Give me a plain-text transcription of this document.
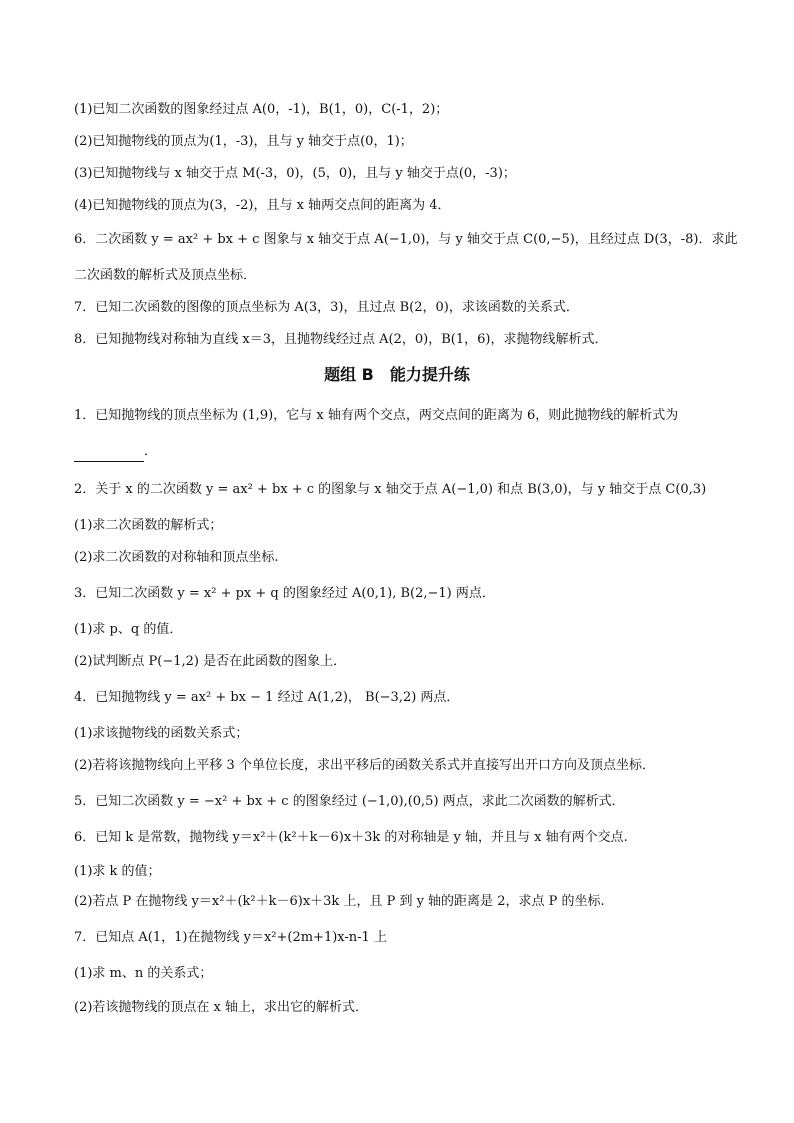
(1)已知二次函数的图象经过点 A(0，-1)，B(1，0)，C(-1，2)；
(2)已知抛物线的顶点为(1，-3)，且与 y 轴交于点(0，1)；
(3)已知抛物线与 x 轴交于点 M(-3，0)，(5，0)，且与 y 轴交于点(0，-3)；
(4)已知抛物线的顶点为(3，-2)，且与 x 轴两交点间的距离为 4．
6．二次函数 y = ax² + bx + c 图象与 x 轴交于点 A(−1,0)，与 y 轴交于点 C(0,−5)，且经过点 D(3，-8)．求此
二次函数的解析式及顶点坐标．
7．已知二次函数的图像的顶点坐标为 A(3，3)，且过点 B(2，0)，求该函数的关系式．
8．已知抛物线对称轴为直线 x＝3，且抛物线经过点 A(2，0)，B(1，6)，求抛物线解析式．
题组 B　能力提升练
1．已知抛物线的顶点坐标为 (1,9)，它与 x 轴有两个交点，两交点间的距离为 6，则此抛物线的解析式为
．
2．关于 x 的二次函数 y = ax² + bx + c 的图象与 x 轴交于点 A(−1,0) 和点 B(3,0)，与 y 轴交于点 C(0,3)
(1)求二次函数的解析式；
(2)求二次函数的对称轴和顶点坐标.
3．已知二次函数 y = x² + px + q 的图象经过 A(0,1), B(2,−1) 两点．
(1)求 p、q 的值．
(2)试判断点 P(−1,2) 是否在此函数的图象上．
4．已知抛物线 y = ax² + bx − 1 经过 A(1,2)， B(−3,2) 两点．
(1)求该抛物线的函数关系式；
(2)若将该抛物线向上平移 3 个单位长度，求出平移后的函数关系式并直接写出开口方向及顶点坐标．
5．已知二次函数 y = −x² + bx + c 的图象经过 (−1,0),(0,5) 两点，求此二次函数的解析式．
6．已知 k 是常数，抛物线 y＝x²＋(k²＋k－6)x＋3k 的对称轴是 y 轴，并且与 x 轴有两个交点.
(1)求 k 的值；
(2)若点 P 在抛物线 y＝x²＋(k²＋k－6)x＋3k 上，且 P 到 y 轴的距离是 2，求点 P 的坐标.
7．已知点 A(1，1)在抛物线 y＝x²+(2m+1)x-n-1 上
(1)求 m、n 的关系式；
(2)若该抛物线的顶点在 x 轴上，求出它的解析式．
